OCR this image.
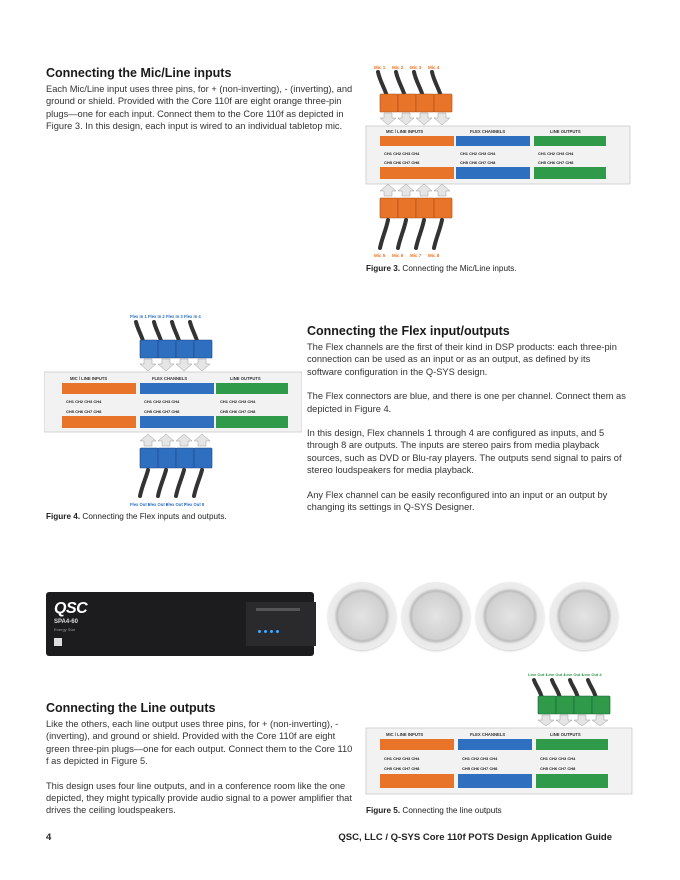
Connecting the Mic/Line inputs

Each Mic/Line input uses three pins, for + (non-inverting), - (inverting), and ground or shield. Provided with the Core 110f are eight orange three-pin plugs—one for each input. Connect them to the Core 110f as depicted in Figure 3. In this design, each input is wired to an individual tabletop mic.

Mic 1 Mic 2 Mic 3 Mic 4
MIC / LINE INPUTS	FLEX CHANNELS	LINE OUTPUTS
CH1 CH2 CH3 CH4	CH1 CH2 CH3 CH4	CH1 CH2 CH3 CH4
CH5 CH6 CH7 CH8	CH5 CH6 CH7 CH8	CH5 CH6 CH7 CH8
Mic 5 Mic 6 Mic 7 Mic 8
Figure 3. Connecting the Mic/Line inputs.
Flex In 1 Flex In 2 Flex In 3 Flex In 4
MIC / LINE INPUTS	FLEX CHANNELS	LINE OUTPUTS
CH1 CH2 CH3 CH4	CH1 CH2 CH3 CH4	CH1 CH2 CH3 CH4
CH5 CH6 CH7 CH8	CH5 CH6 CH7 CH8	CH5 CH6 CH7 CH8
Flex Out 5
Flex Out 6
Flex Out 7
Flex Out 8
Figure 4. Connecting the Flex inputs and outputs.
Connecting the Flex input/outputs

The Flex channels are the first of their kind in DSP products: each three-pin connection can be used as an input or as an output, as defined by its software configuration in the Q-SYS design.

The Flex connectors are blue, and there is one per channel. Connect them as depicted in Figure 4.

In this design, Flex channels 1 through 4 are configured as inputs, and 5 through 8 are outputs. The inputs are stereo pairs from media playback sources, such as DVD or Blu-ray players. The outputs send signal to pairs of stereo loudspeakers for media playback.

Any Flex channel can be easily reconfigured into an input or an output by changing its settings in Q-SYS Designer.

QSC
SPA4-60
Energy Star
Connecting the Line outputs

Like the others, each line output uses three pins, for + (non-inverting), - (inverting), and ground or shield. Provided with the Core 110f are eight green three-pin plugs—one for each output. Connect them to the Core 110 f as depicted in Figure 5.

This design uses four line outputs, and in a conference room like the one depicted, they might typically provide audio signal to a power amplifier that drives the ceiling loudspeakers.

Line Out 1
Line Out 2
Line Out 3
Line Out 4
MIC / LINE INPUTS	FLEX CHANNELS	LINE OUTPUTS
CH1 CH2 CH3 CH4	CH1 CH2 CH3 CH4	CH1 CH2 CH3 CH4
CH5 CH6 CH7 CH8	CH5 CH6 CH7 CH8	CH5 CH6 CH7 CH8
Figure 5. Connecting the line outputs
4	QSC, LLC / Q-SYS Core 110f POTS Design Application Guide
